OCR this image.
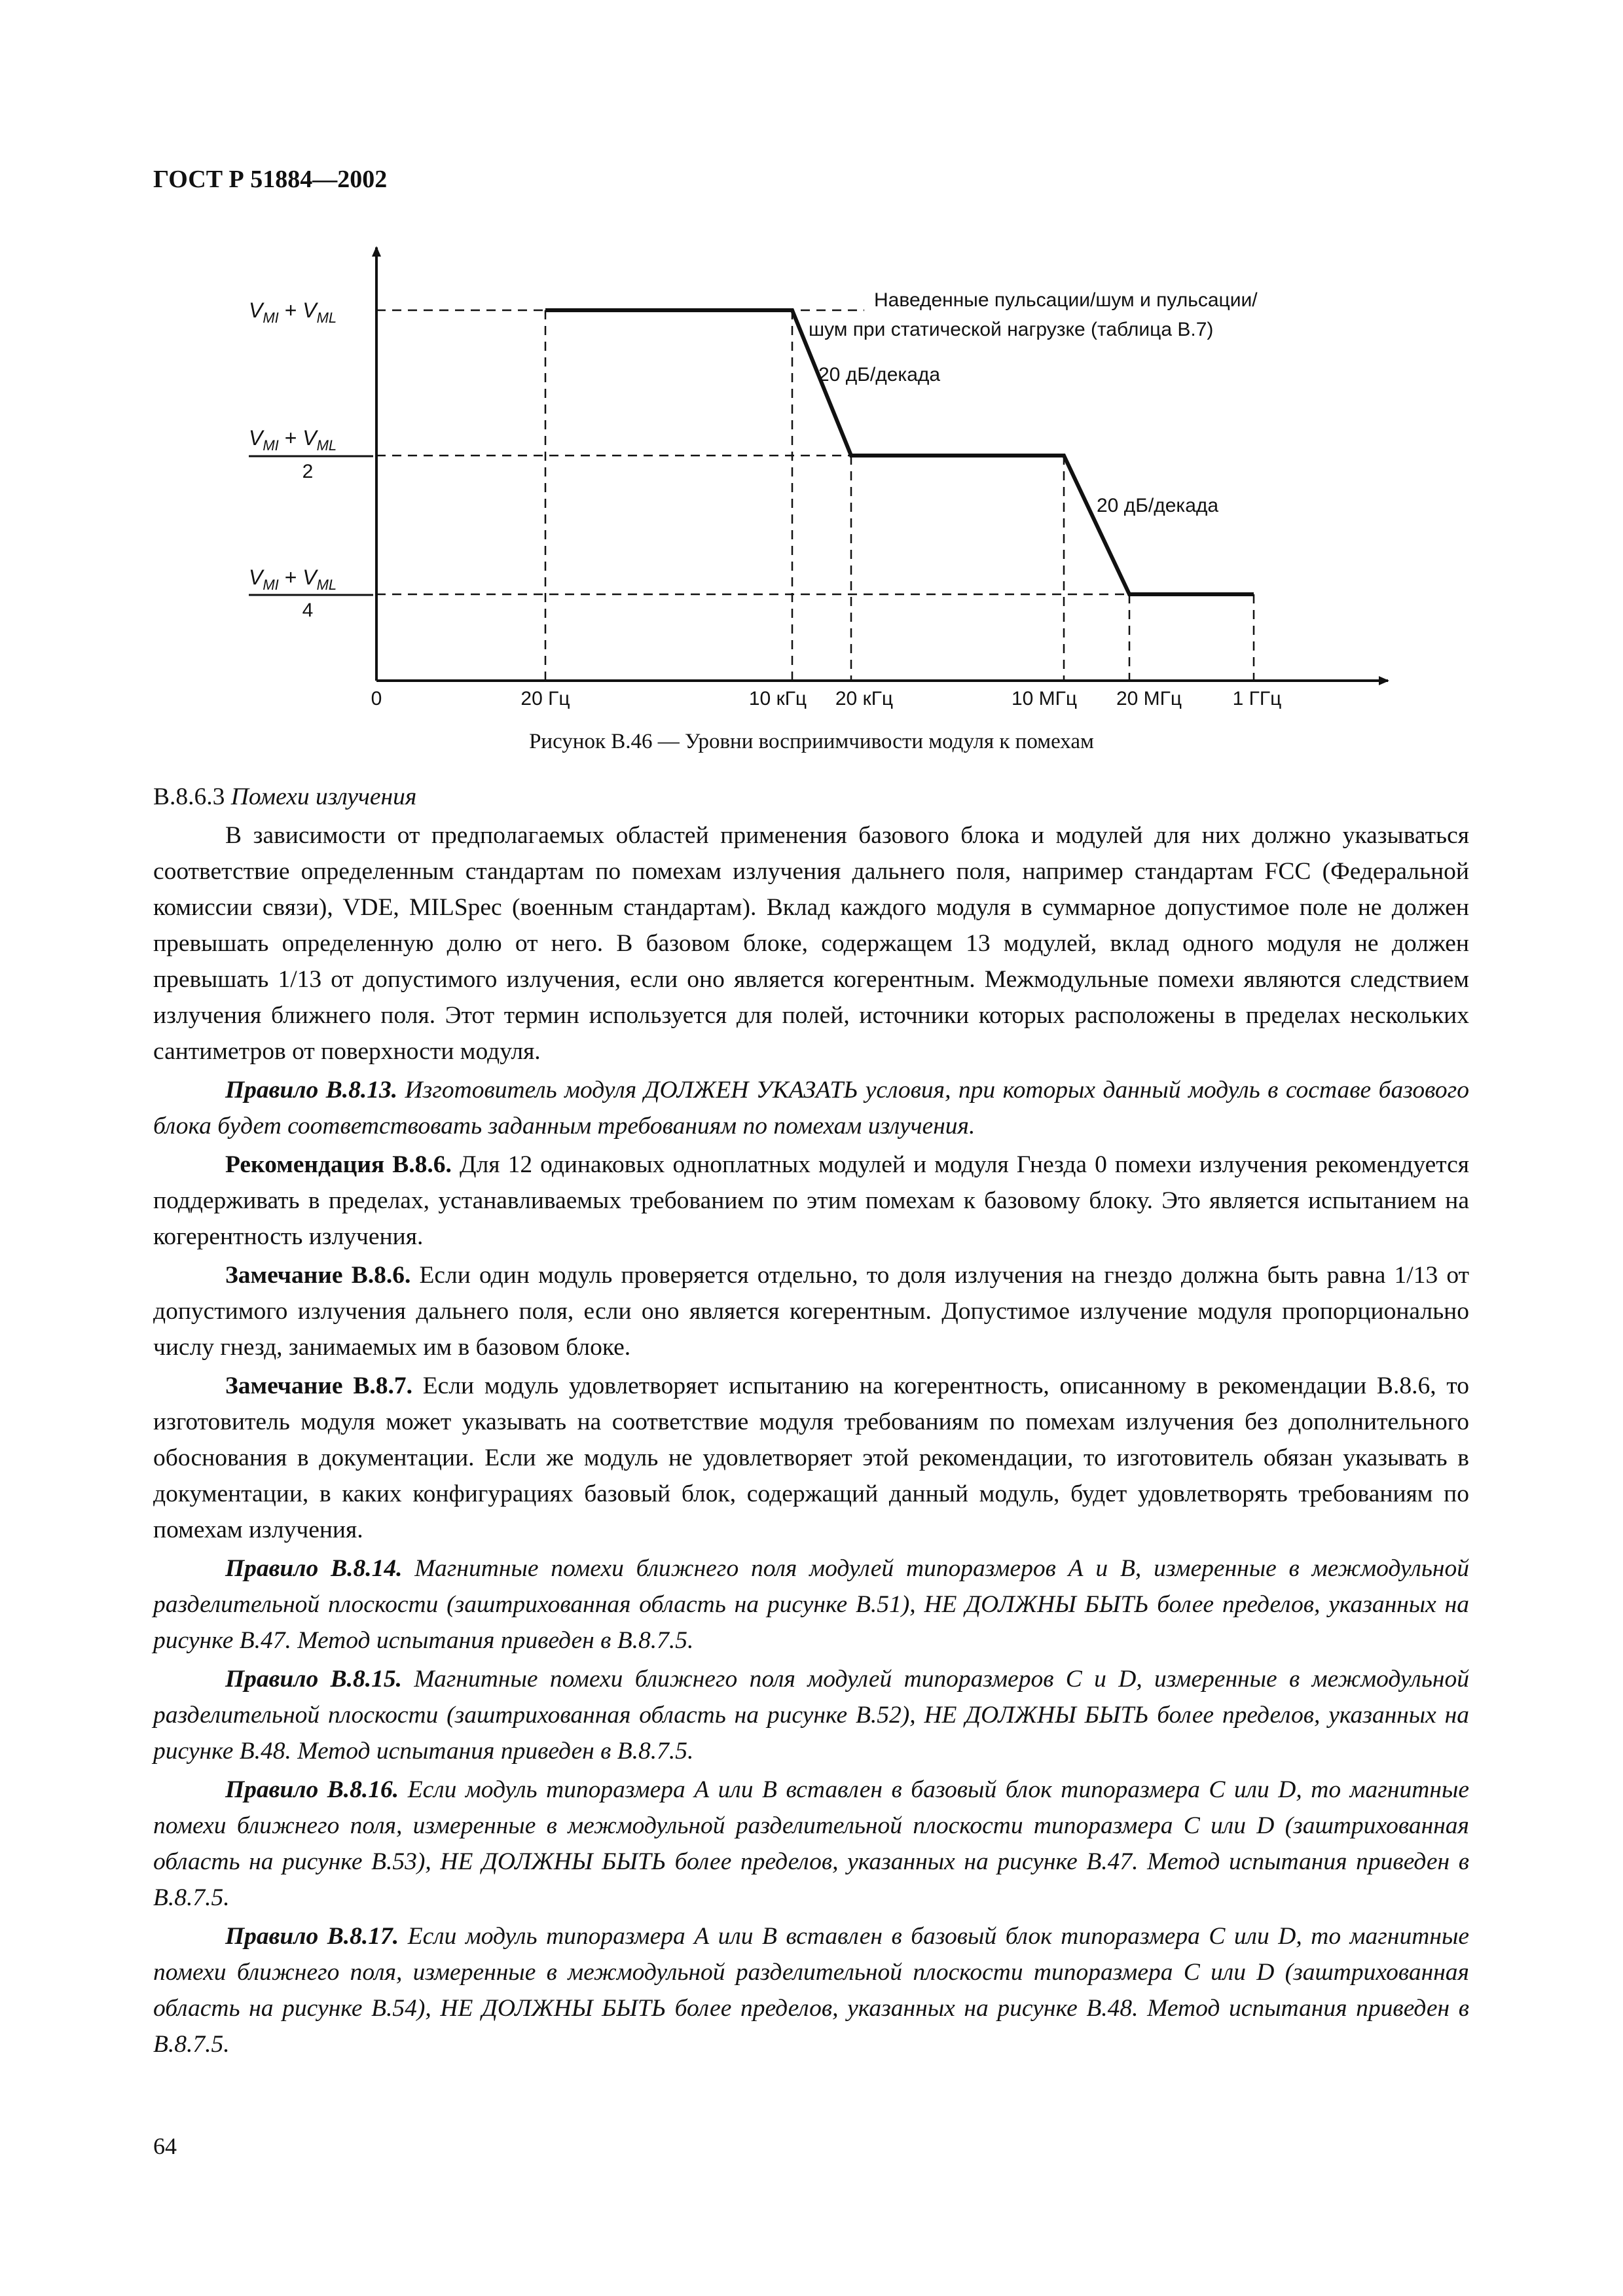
ГОСТ Р 51884—2002
$V_{MI} + V_{ML}$
$V_{MI} + V_{ML}$
2
$V_{MI} + V_{ML}$
4
0	20 Гц	10 кГц 20 кГц	10 МГц 20 МГц	1 ГГц
Наведенные пульсации/шум и пульсации/
шум при статической нагрузке (таблица В.7)
20 дБ/декада
20 дБ/декада
Рисунок В.46 — Уровни восприимчивости модуля к помехам

В.8.6.3 Помехи излучения

В зависимости от предполагаемых областей применения базового блока и модулей для них должно указываться соответствие определенным стандартам по помехам излучения дальнего поля, например стандартам FCC (Федеральной комиссии связи), VDE, MILSpec (военным стандартам). Вклад каждого модуля в суммарное допустимое поле не должен превышать определенную долю от него. В базовом блоке, содержащем 13 модулей, вклад одного модуля не должен превышать 1/13 от допустимого излучения, если оно является когерентным. Межмодульные помехи являются следствием излучения ближнего поля. Этот термин используется для полей, источники которых расположены в пределах нескольких сантиметров от поверхности модуля.

Правило В.8.13. Изготовитель модуля ДОЛЖЕН УКАЗАТЬ условия, при которых данный модуль в составе базового блока будет соответствовать заданным требованиям по помехам излучения.

Рекомендация В.8.6. Для 12 одинаковых одноплатных модулей и модуля Гнезда 0 помехи излучения рекомендуется поддерживать в пределах, устанавливаемых требованием по этим помехам к базовому блоку. Это является испытанием на когерентность излучения.

Замечание В.8.6. Если один модуль проверяется отдельно, то доля излучения на гнездо должна быть равна 1/13 от допустимого излучения дальнего поля, если оно является когерентным. Допустимое излучение модуля пропорционально числу гнезд, занимаемых им в базовом блоке.

Замечание В.8.7. Если модуль удовлетворяет испытанию на когерентность, описанному в рекомендации В.8.6, то изготовитель модуля может указывать на соответствие модуля требованиям по помехам излучения без дополнительного обоснования в документации. Если же модуль не удовлетворяет этой рекомендации, то изготовитель обязан указывать в документации, в каких конфигурациях базовый блок, содержащий данный модуль, будет удовлетворять требованиям по помехам излучения.

Правило В.8.14. Магнитные помехи ближнего поля модулей типоразмеров А и В, измеренные в межмодульной разделительной плоскости (заштрихованная область на рисунке В.51), НЕ ДОЛЖНЫ БЫТЬ более пределов, указанных на рисунке В.47. Метод испытания приведен в В.8.7.5.

Правило В.8.15. Магнитные помехи ближнего поля модулей типоразмеров С и D, измеренные в межмодульной разделительной плоскости (заштрихованная область на рисунке В.52), НЕ ДОЛЖНЫ БЫТЬ более пределов, указанных на рисунке В.48. Метод испытания приведен в В.8.7.5.

Правило В.8.16. Если модуль типоразмера А или В вставлен в базовый блок типоразмера С или D, то магнитные помехи ближнего поля, измеренные в межмодульной разделительной плоскости типоразмера С или D (заштрихованная область на рисунке В.53), НЕ ДОЛЖНЫ БЫТЬ более пределов, указанных на рисунке В.47. Метод испытания приведен в В.8.7.5.

Правило В.8.17. Если модуль типоразмера А или В вставлен в базовый блок типоразмера С или D, то магнитные помехи ближнего поля, измеренные в межмодульной разделительной плоскости типоразмера С или D (заштрихованная область на рисунке В.54), НЕ ДОЛЖНЫ БЫТЬ более пределов, указанных на рисунке В.48. Метод испытания приведен в В.8.7.5.

64
